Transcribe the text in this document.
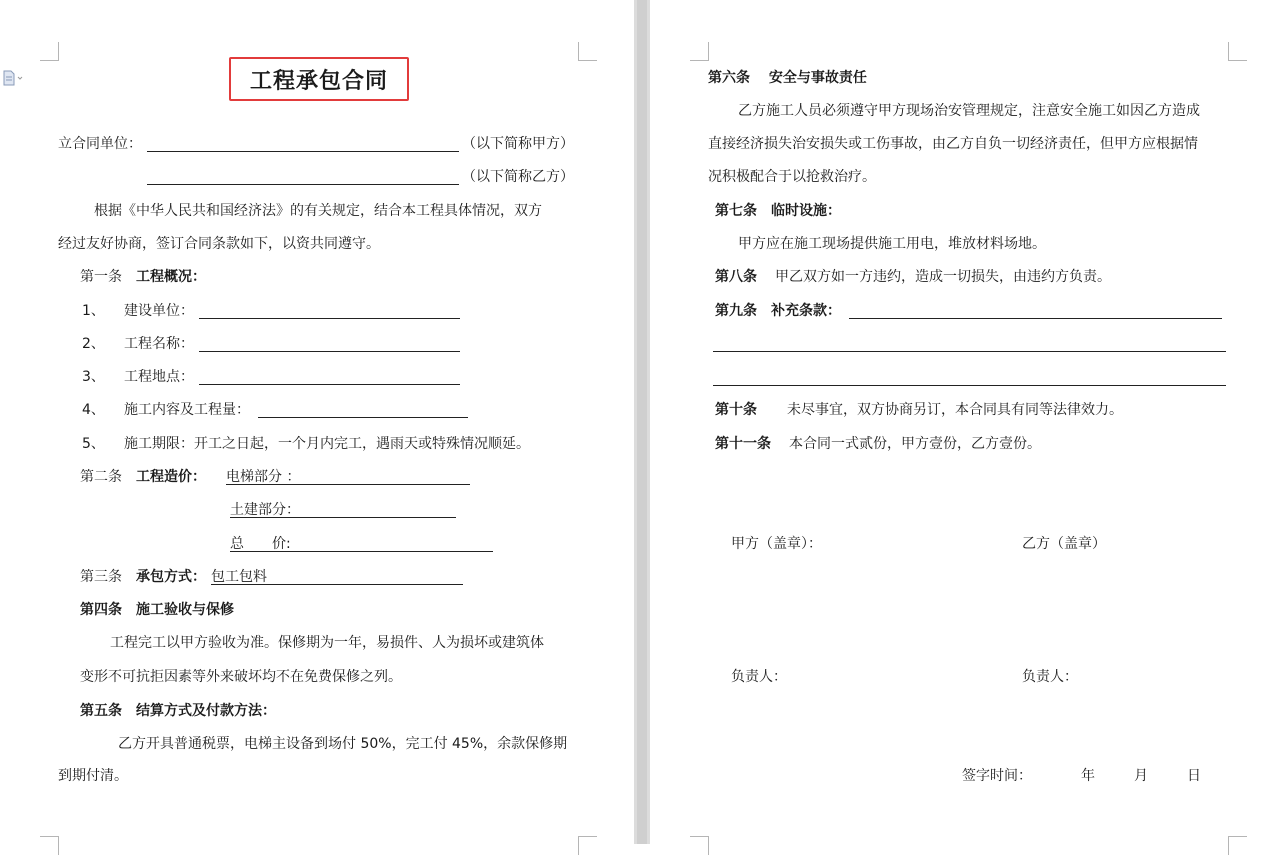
工程承包合同
立合同单位：	（以下简称甲方）
（以下简称乙方）
根据《中华人民共和国经济法》的有关规定，结合本工程具体情况，双方
经过友好协商，签订合同条款如下，以资共同遵守。
第一条 工程概况：
1、 建设单位：
2、 工程名称：
3、 工程地点：
4、 施工内容及工程量：
5、 施工期限：开工之日起，一个月内完工，遇雨天或特殊情况顺延。
第二条 工程造价： 电梯部分 ：
土建部分：
总　　价:
第三条 承包方式： 包工包料
第四条　施工验收与保修
工程完工以甲方验收为准。保修期为一年，易损件、人为损坏或建筑体
变形不可抗拒因素等外来破坏均不在免费保修之列。
第五条　结算方式及付款方法：
乙方开具普通税票，电梯主设备到场付 50%，完工付 45%，余款保修期
到期付清。
第六条　 安全与事故责任
乙方施工人员必须遵守甲方现场治安管理规定，注意安全施工如因乙方造成
直接经济损失治安损失或工伤事故，由乙方自负一切经济责任，但甲方应根据情
况积极配合于以抢救治疗。
第七条　临时设施：
甲方应在施工现场提供施工用电，堆放材料场地。
第八条 甲乙双方如一方违约，造成一切损失，由违约方负责。
第九条　补充条款：
第十条 未尽事宜，双方协商另订，本合同具有同等法律效力。
第十一条 本合同一式贰份，甲方壹份，乙方壹份。
甲方（盖章）：	乙方（盖章）
负责人：	负责人：
签字时间：	年	月	日
